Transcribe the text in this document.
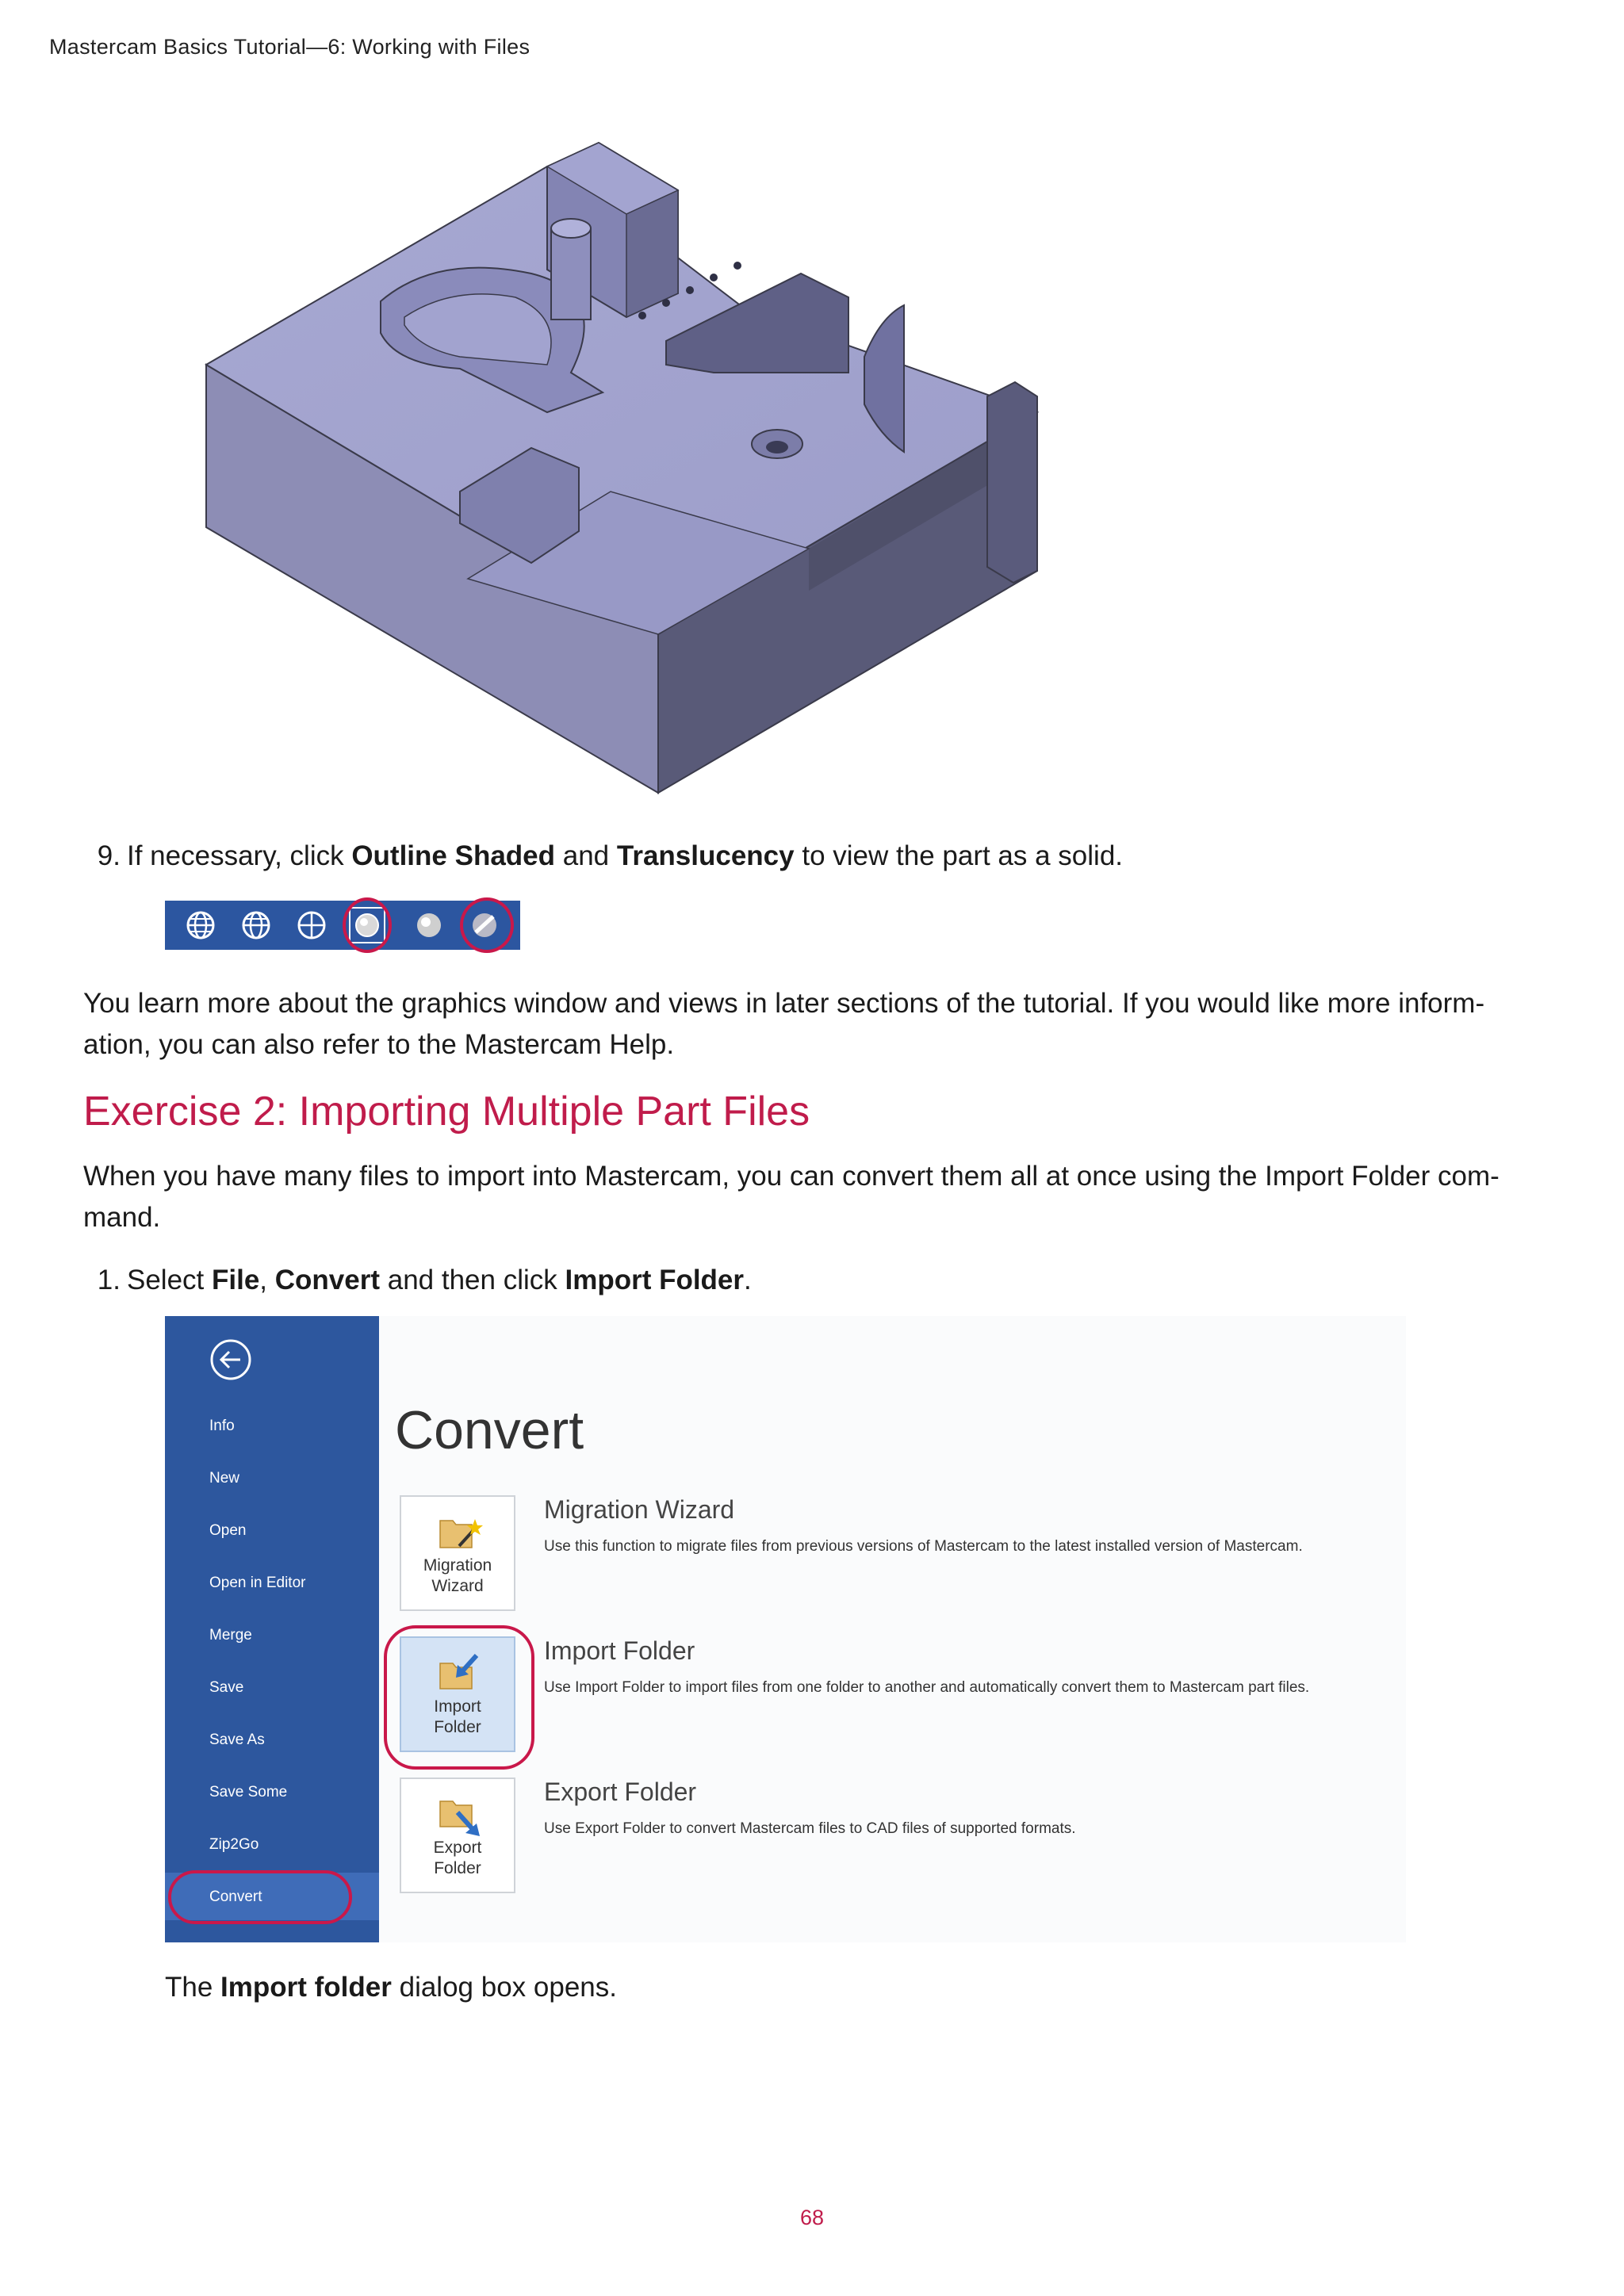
Mastercam Basics Tutorial—6: Working with Files
9. If necessary, click Outline Shaded and Translucency to view the part as a solid.
You learn more about the graphics window and views in later sections of the tutorial. If you would like more inform-
ation, you can also refer to the Mastercam Help.
Exercise 2: Importing Multiple Part Files
When you have many files to import into Mastercam, you can convert them all at once using the Import Folder com-
mand.
1. Select File, Convert and then click Import Folder.
Info
New
Open
Open in Editor
Merge
Save
Save As
Save Some
Zip2Go
Convert
Convert
Migration
Wizard
Migration Wizard
Use this function to migrate files from previous versions of Mastercam to the latest installed version of Mastercam.
Import
Folder
Import Folder
Use Import Folder to import files from one folder to another and automatically convert them to Mastercam part files.
Export
Folder
Export Folder
Use Export Folder to convert Mastercam files to CAD files of supported formats.
The Import folder dialog box opens.
68
